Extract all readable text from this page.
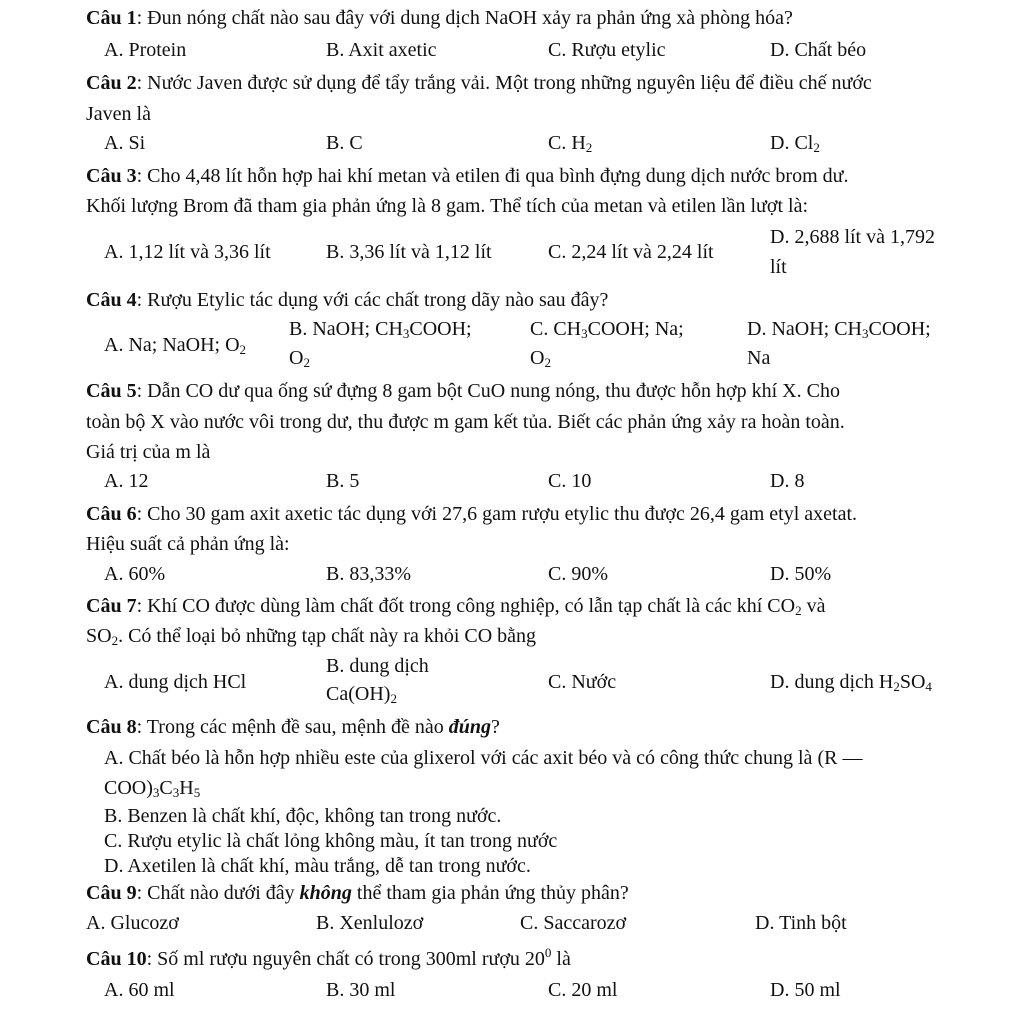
Câu 1: Đun nóng chất nào sau đây với dung dịch NaOH xảy ra phản ứng xà phòng hóa?
A. Protein	B. Axit axetic	C. Rượu etylic	D. Chất béo
Câu 2: Nước Javen được sử dụng để tẩy trắng vải. Một trong những nguyên liệu để điều chế nước
Javen là
A. Si	B. C	C. $H_2$	D. $Cl_2$
Câu 3: Cho 4,48 lít hỗn hợp hai khí metan và etilen đi qua bình đựng dung dịch nước brom dư.
Khối lượng Brom đã tham gia phản ứng là 8 gam. Thể tích của metan và etilen lần lượt là:
A. 1,12 lít và 3,36 lít	B. 3,36 lít và 1,12 lít	C. 2,24 lít và 2,24 lít
D. 2,688 lít và 1,792
lít
Câu 4: Rượu Etylic tác dụng với các chất trong dãy nào sau đây?
A. Na; NaOH; $O_2$
B. NaOH; $CH_3COOH$;
$O_2$
C. $CH_3COOH$; Na;
$O_2$
D. NaOH; $CH_3COOH$;
Na
Câu 5: Dẫn CO dư qua ống sứ đựng 8 gam bột CuO nung nóng, thu được hỗn hợp khí X. Cho
toàn bộ X vào nước vôi trong dư, thu được m gam kết tủa. Biết các phản ứng xảy ra hoàn toàn.
Giá trị của m là
A. 12	B. 5	C. 10	D. 8
Câu 6: Cho 30 gam axit axetic tác dụng với 27,6 gam rượu etylic thu được 26,4 gam etyl axetat.
Hiệu suất cả phản ứng là:
A. 60%	B. 83,33%	C. 90%	D. 50%
Câu 7: Khí CO được dùng làm chất đốt trong công nghiệp, có lẫn tạp chất là các khí $CO_2$ và
$SO_2$. Có thể loại bỏ những tạp chất này ra khỏi CO bằng
A. dung dịch HCl
B. dung dịch
$Ca(OH)_2$
C. Nước	D. dung dịch $H_2SO_4$
Câu 8: Trong các mệnh đề sau, mệnh đề nào đúng?
A. Chất béo là hỗn hợp nhiều este của glixerol với các axit béo và có công thức chung là (R —
$COO)_3C_3H_5$
B. Benzen là chất khí, độc, không tan trong nước.
C. Rượu etylic là chất lỏng không màu, ít tan trong nước
D. Axetilen là chất khí, màu trắng, dễ tan trong nước.
Câu 9: Chất nào dưới đây không thể tham gia phản ứng thủy phân?
A. Glucozơ	B. Xenlulozơ	C. Saccarozơ	D. Tinh bột
Câu 10: Số ml rượu nguyên chất có trong 300ml rượu $20^0$ là
A. 60 ml	B. 30 ml	C. 20 ml	D. 50 ml
